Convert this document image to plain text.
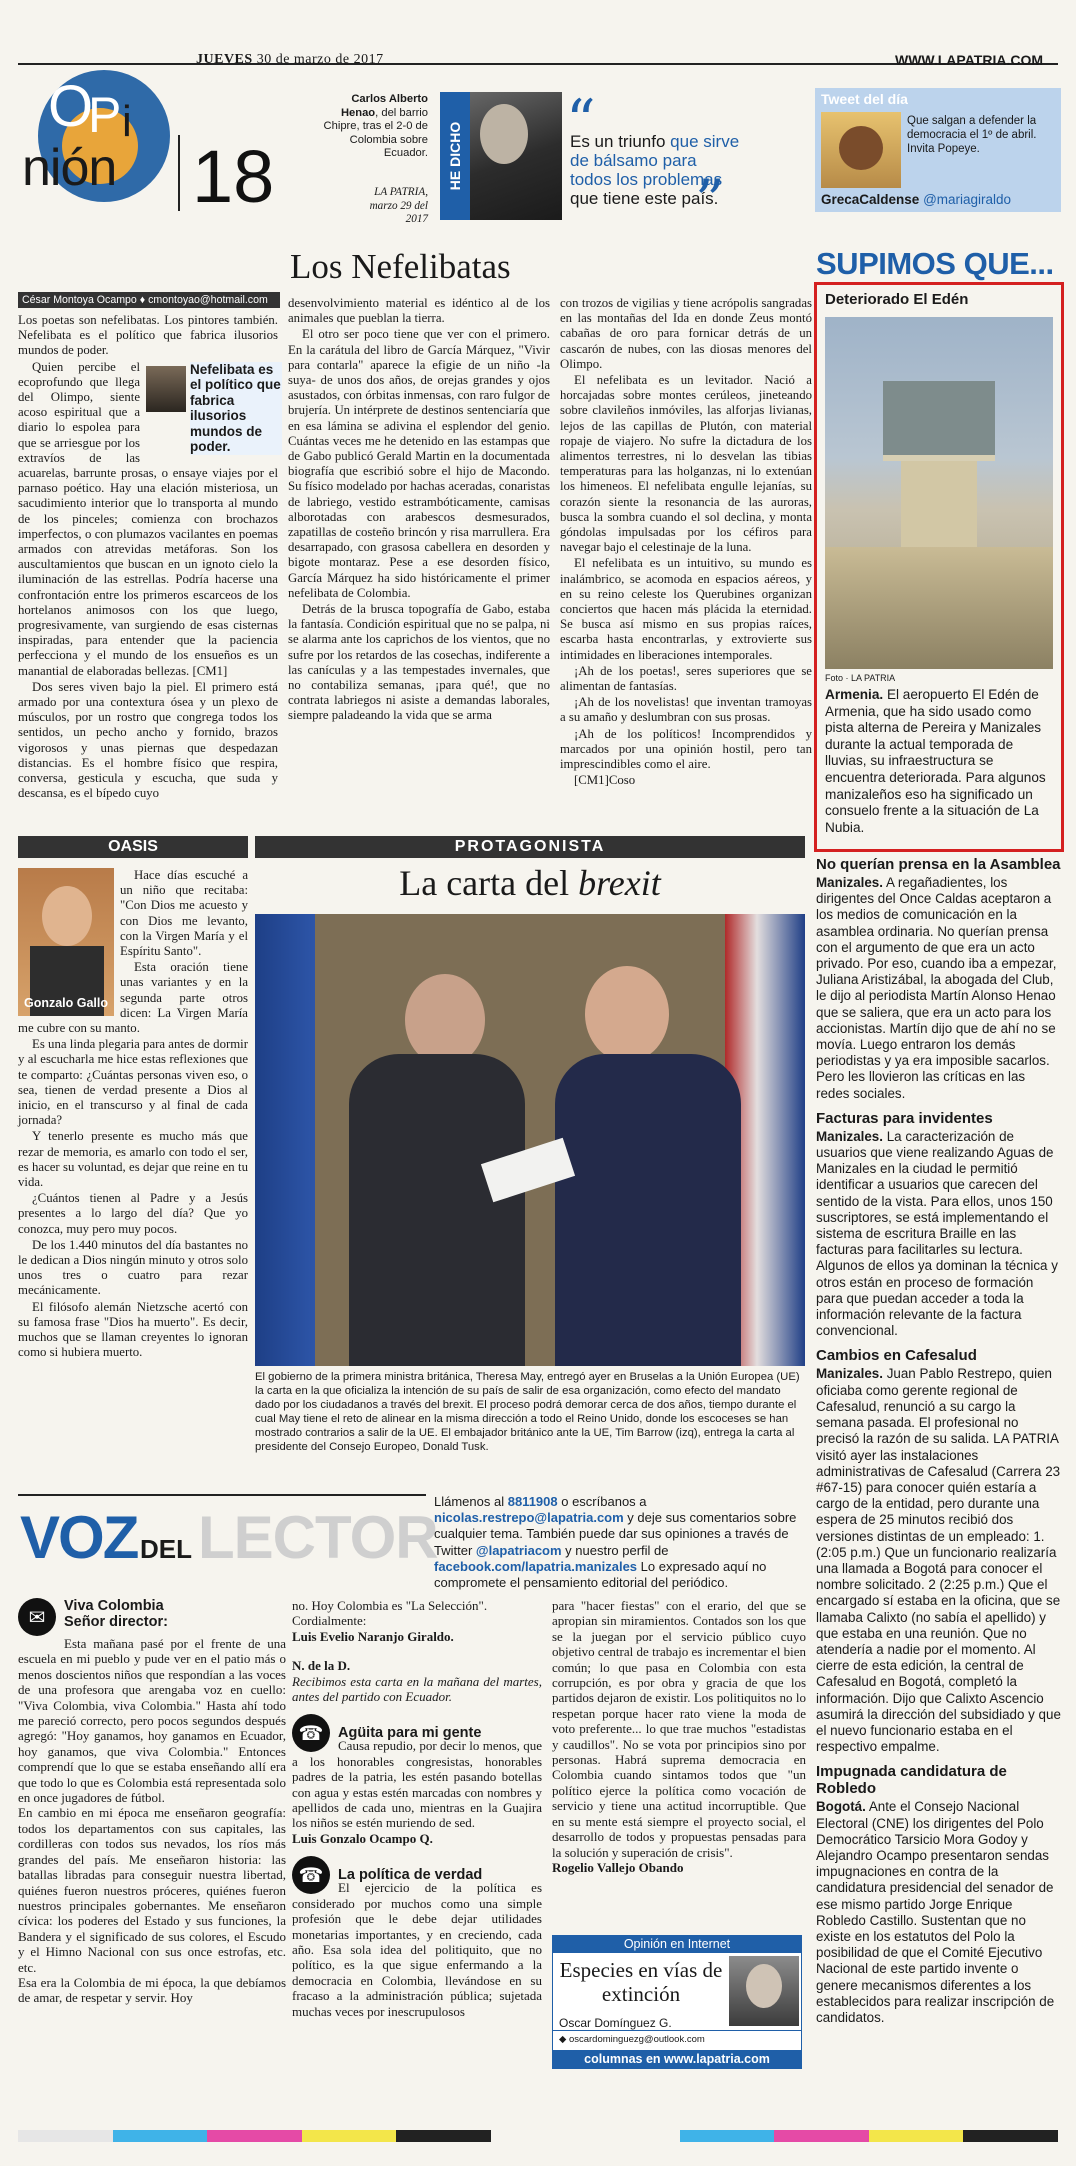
O
P i
nión 18
JUEVES 30 de marzo de 2017	WWW.LAPATRIA.COM
Carlos Alberto Henao, del barrio Chipre, tras el 2-0 de Colombia sobre Ecuador.
LA PATRIA, marzo 29 del 2017
HE DICHO
“
”
Es un triunfo que sirve de bálsamo para todos los problemas que tiene este país.
Tweet del día
Que salgan a defender la democracia el 1º de abril. Invita Popeye.
GrecaCaldense @mariagiraldo
Los Nefelibatas
César Montoya Ocampo ♦ cmontoyao@hotmail.com

Los poetas son nefelibatas. Los pintores también. Nefelibata es el político que fabrica ilusorios mundos de poder.

Nefelibata es el político que fabrica ilusorios mundos de poder.

Quien percibe el ecoprofundo que llega del Olimpo, siente acoso espiritual que a diario lo espolea para que se arriesgue por los extravíos de las acuarelas, barrunte prosas, o ensaye viajes por el parnaso poético. Hay una elación misteriosa, un sacudimiento interior que lo transporta al mundo de los pinceles; comienza con brochazos imperfectos, o con plumazos vacilantes en poemas armados con atrevidas metáforas. Son los auscultamientos que buscan en un ignoto cielo la iluminación de las estrellas. Podría hacerse una confrontación entre los primeros escarceos de los hortelanos animosos con los que luego, progresivamente, van surgiendo de esas cisternas inspiradas, para entender que la paciencia perfecciona y el mundo de los ensueños es un manantial de elaboradas bellezas. [CM1]

Dos seres viven bajo la piel. El primero está armado por una contextura ósea y un plexo de músculos, por un rostro que congrega todos los sentidos, un pecho ancho y fornido, brazos vigorosos y unas piernas que despedazan distancias. Es el hombre físico que respira, conversa, gesticula y escucha, que suda y descansa, es el bípedo cuyo

desenvolvimiento material es idéntico al de los animales que pueblan la tierra.

El otro ser poco tiene que ver con el primero. En la carátula del libro de García Márquez, "Vivir para contarla" aparece la efigie de un niño -la suya- de unos dos años, de orejas grandes y ojos asustados, con órbitas inmensas, con raro fulgor de brujería. Un intérprete de destinos sentenciaría que en esa lámina se adivina el esplendor del genio. Cuántas veces me he detenido en las estampas que de Gabo publicó Gerald Martin en la documentada biografía que escribió sobre el hijo de Macondo. Su físico modelado por hachas aceradas, conaristas de labriego, vestido estrambóticamente, camisas alborotadas con arabescos desmesurados, zapatillas de costeño brincón y risa marrullera. Era desarrapado, con grasosa cabellera en desorden y bigote montaraz. Pese a ese desorden físico, García Márquez ha sido históricamente el primer nefelibata de Colombia.

Detrás de la brusca topografía de Gabo, estaba la fantasía. Condición espiritual que no se palpa, ni se alarma ante los caprichos de los vientos, que no sufre por los retardos de las cosechas, indiferente a las canículas y a las tempestades invernales, que no contabiliza semanas, ¡para qué!, que no contrata labriegos ni asiste a demandas laborales, siempre paladeando la vida que se arma

con trozos de vigilias y tiene acrópolis sangradas en las montañas del Ida en donde Zeus montó cabañas de oro para fornicar detrás de un cascarón de nubes, con las diosas menores del Olimpo.

El nefelibata es un levitador. Nació a horcajadas sobre montes cerúleos, jineteando sobre clavileños inmóviles, las alforjas livianas, lejos de las capillas de Plutón, con material ropaje de viajero. No sufre la dictadura de los alimentos terrestres, ni lo desvelan las tibias temperaturas para las holganzas, ni lo extenúan los himeneos. El nefelibata engulle lejanías, su corazón siente la resonancia de las auroras, busca la sombra cuando el sol declina, y monta góndolas impulsadas por los céfiros para navegar bajo el celestinaje de la luna.

El nefelibata es un intuitivo, su mundo es inalámbrico, se acomoda en espacios aéreos, y en su reino celeste los Querubines organizan conciertos que hacen más plácida la eternidad. Se busca así mismo en sus propias raíces, escarba hasta encontrarlas, y extrovierte sus intimidades en liberaciones intemporales.

¡Ah de los poetas!, seres superiores que se alimentan de fantasías.

¡Ah de los novelistas! que inventan tramoyas a su amaño y deslumbran con sus prosas.

¡Ah de los políticos! Incomprendidos y marcados por una opinión hostil, pero tan imprescindibles como el aire.

[CM1]Coso

SUPIMOS QUE...
Deteriorado El Edén
Foto · LA PATRIA
Armenia. El aeropuerto El Edén de Armenia, que ha sido usado como pista alterna de Pereira y Manizales durante la actual temporada de lluvias, su infraestructura se encuentra deteriorada. Para algunos manizaleños eso ha significado un consuelo frente a la situación de La Nubia.
No querían prensa en la Asamblea

Manizales. A regañadientes, los dirigentes del Once Caldas aceptaron a los medios de comunicación en la asamblea ordinaria. No querían prensa con el argumento de que era un acto privado. Por eso, cuando iba a empezar, Juliana Aristizábal, la abogada del Club, le dijo al periodista Martín Alonso Henao que se saliera, que era un acto para los accionistas. Martín dijo que de ahí no se movía. Luego entraron los demás periodistas y ya era imposible sacarlos. Pero les llovieron las críticas en las redes sociales.

Facturas para invidentes

Manizales. La caracterización de usuarios que viene realizando Aguas de Manizales en la ciudad le permitió identificar a usuarios que carecen del sentido de la vista. Para ellos, unos 150 suscriptores, se está implementando el sistema de escritura Braille en las facturas para facilitarles su lectura. Algunos de ellos ya dominan la técnica y otros están en proceso de formación para que puedan acceder a toda la información relevante de la factura convencional.

Cambios en Cafesalud

Manizales. Juan Pablo Restrepo, quien oficiaba como gerente regional de Cafesalud, renunció a su cargo la semana pasada. El profesional no precisó la razón de su salida. LA PATRIA visitó ayer las instalaciones administrativas de Cafesalud (Carrera 23 #67-15) para conocer quién estaría a cargo de la entidad, pero durante una espera de 25 minutos recibió dos versiones distintas de un empleado: 1. (2:05 p.m.) Que un funcionario realizaría una llamada a Bogotá para conocer el nombre solicitado. 2 (2:25 p.m.) Que el encargado sí estaba en la oficina, que se llamaba Calixto (no sabía el apellido) y que estaba en una reunión. Que no atendería a nadie por el momento. Al cierre de esta edición, la central de Cafesalud en Bogotá, completó la información. Dijo que Calixto Ascencio asumirá la dirección del subsidiado y que el nuevo funcionario estaba en el respectivo empalme.

Impugnada candidatura de Robledo

Bogotá. Ante el Consejo Nacional Electoral (CNE) los dirigentes del Polo Democrático Tarsicio Mora Godoy y Alejandro Ocampo presentaron sendas impugnaciones en contra de la candidatura presidencial del senador de ese mismo partido Jorge Enrique Robledo Castillo. Sustentan que no existe en los estatutos del Polo la posibilidad de que el Comité Ejecutivo Nacional de este partido invente o genere mecanismos diferentes a los establecidos para realizar inscripción de candidatos.

OASIS
Gonzalo Gallo

Hace días escuché a un niño que recitaba: "Con Dios me acuesto y con Dios me levanto, con la Virgen María y el Espíritu Santo".

Esta oración tiene unas variantes y en la segunda parte otros dicen: La Virgen María me cubre con su manto.

Es una linda plegaria para antes de dormir y al escucharla me hice estas reflexiones que te comparto: ¿Cuántas personas viven eso, o sea, tienen de verdad presente a Dios al inicio, en el transcurso y al final de cada jornada?

Y tenerlo presente es mucho más que rezar de memoria, es amarlo con todo el ser, es hacer su voluntad, es dejar que reine en tu vida.

¿Cuántos tienen al Padre y a Jesús presentes a lo largo del día? Que yo conozca, muy pero muy pocos.

De los 1.440 minutos del día bastantes no le dedican a Dios ningún minuto y otros solo unos tres o cuatro para rezar mecánicamente.

El filósofo alemán Nietzsche acertó con su famosa frase "Dios ha muerto". Es decir, muchos que se llaman creyentes lo ignoran como si hubiera muerto.

PROTAGONISTA
La carta del brexit
El gobierno de la primera ministra británica, Theresa May, entregó ayer en Bruselas a la Unión Europea (UE) la carta en la que oficializa la intención de su país de salir de esa organización, como efecto del mandato dado por los ciudadanos a través del brexit. El proceso podrá demorar cerca de dos años, tiempo durante el cual May tiene el reto de alinear en la misma dirección a todo el Reino Unido, donde los escoceses se han mostrado contrarios a salir de la UE. El embajador británico ante la UE, Tim Barrow (izq), entrega la carta al presidente del Consejo Europeo, Donald Tusk.
VOZ DEL LECTOR
Llámenos al 8811908 o escríbanos a nicolas.restrepo@lapatria.com y deje sus comentarios sobre cualquier tema. También puede dar sus opiniones a través de Twitter @lapatriacom y nuestro perfil de facebook.com/lapatria.manizales Lo expresado aquí no compromete el pensamiento editorial del periódico.
✉	Viva Colombia
Señor director:

Esta mañana pasé por el frente de una escuela en mi pueblo y pude ver en el patio más o menos doscientos niños que respondían a las voces de una profesora que arengaba voz en cuello: "Viva Colombia, viva Colombia." Hasta ahí todo me pareció correcto, pero pocos segundos después agregó: "Hoy ganamos, hoy ganamos en Ecuador, hoy ganamos, que viva Colombia." Entonces comprendí que lo que se estaba enseñando allí era que todo lo que es Colombia está representada solo en once jugadores de fútbol.

En cambio en mi época me enseñaron geografía: todos los departamentos con sus capitales, las cordilleras con todos sus nevados, los ríos más grandes del país. Me enseñaron historia: las batallas libradas para conseguir nuestra libertad, quiénes fueron nuestros próceres, quiénes fueron nuestros principales gobernantes. Me enseñaron cívica: los poderes del Estado y sus funciones, la Bandera y el significado de sus colores, el Escudo y el Himno Nacional con sus once estrofas, etc. etc.

Esa era la Colombia de mi época, la que debíamos de amar, de respetar y servir. Hoy

no. Hoy Colombia es "La Selección".

Cordialmente:

Luis Evelio Naranjo Giraldo.

N. de la D.

Recibimos esta carta en la mañana del martes, antes del partido con Ecuador.

☎	Agüita para mi gente

Causa repudio, por decir lo menos, que a los honorables congresistas, honorables padres de la patria, les estén pasando botellas con agua y estas estén marcadas con nombres y apellidos de cada uno, mientras en la Guajira los niños se estén muriendo de sed.

Luis Gonzalo Ocampo Q.

☎	La política de verdad

El ejercicio de la política es considerado por muchos como una simple profesión que le debe dejar utilidades monetarias importantes, y en creciendo, cada año. Esa sola idea del politiquito, que no político, es la que sigue enfermando a la democracia en Colombia, llevándose en su fracaso a la administración pública; sujetada muchas veces por inescrupulosos

para "hacer fiestas" con el erario, del que se apropian sin miramientos. Contados son los que se la juegan por el servicio público cuyo objetivo central de trabajo es incrementar el bien común; lo que pasa en Colombia con esta corrupción, es por obra y gracia de que los partidos dejaron de existir. Los politiquitos no lo respetan porque hacer rato viene la moda de voto preferente... lo que trae muchos "estadistas y caudillos". No se vota por principios sino por personas. Habrá suprema democracia en Colombia cuando sintamos todos que "un político ejerce la política como vocación de servicio y tiene una actitud incorruptible. Que en su mente está siempre el proyecto social, el desarrollo de todos y propuestas pensadas para la solución y superación de crisis".

Rogelio Vallejo Obando

Opinión en Internet
Especies en vías de extinción
Oscar Domínguez G.
◆ oscardominguezg@outlook.com
columnas en www.lapatria.com
